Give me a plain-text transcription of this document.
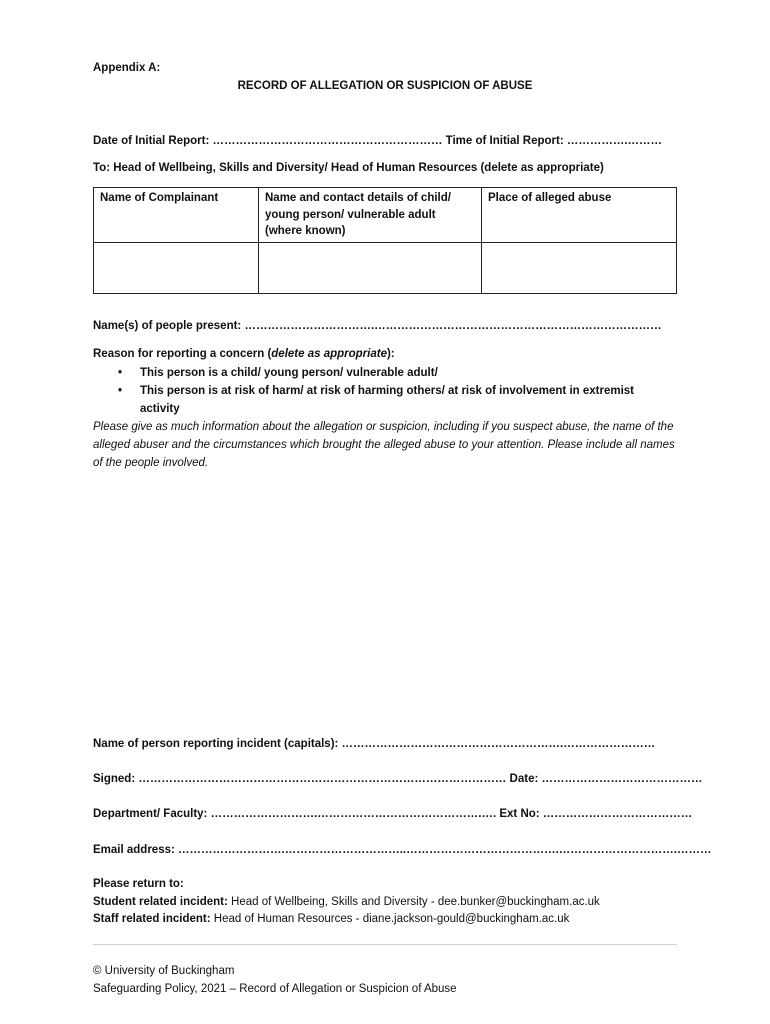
Appendix A:
RECORD OF ALLEGATION OR SUSPICION OF ABUSE
Date of Initial Report: …………………………………………………… Time of Initial Report: …………….………
To: Head of Wellbeing, Skills and Diversity/ Head of Human Resources (delete as appropriate)
Name of Complainant	Name and contact details of child/ young person/ vulnerable adult (where known)	Place of alleged abuse

Name(s) of people present: …………………………….…………………………………………………………………
Reason for reporting a concern (delete as appropriate):
• This person is a child/ young person/ vulnerable adult/
• This person is at risk of harm/ at risk of harming others/ at risk of involvement in extremist activity
Please give as much information about the allegation or suspicion, including if you suspect abuse, the name of the alleged abuser and the circumstances which brought the alleged abuse to your attention. Please include all names of the people involved.
Name of person reporting incident (capitals): ………………………………………………….……………………
Signed: …………………………………………………………………………………… Date: ……………………………………
Department/ Faculty: ……………………….…………………………………….…. Ext No: …………………………………
Email address: ……………………….…………………………..………………………………….………………………….………
Please return to:
Student related incident: Head of Wellbeing, Skills and Diversity - dee.bunker@buckingham.ac.uk
Staff related incident: Head of Human Resources - diane.jackson-gould@buckingham.ac.uk
© University of Buckingham
Safeguarding Policy, 2021 – Record of Allegation or Suspicion of Abuse
